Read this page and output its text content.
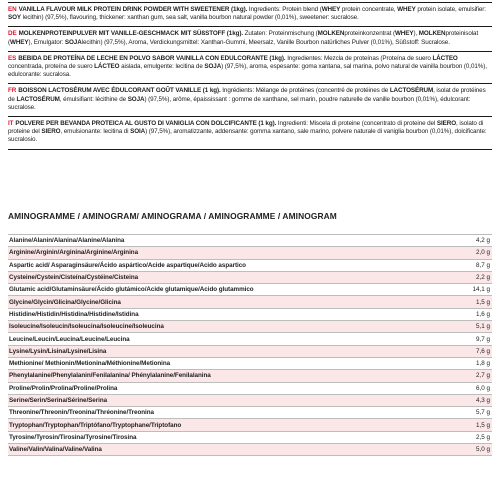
EN VANILLA FLAVOUR MILK PROTEIN DRINK POWDER WITH SWEETENER (1kg). Ingredients: Protein blend (WHEY protein concentrate, WHEY protein isolate, emulsifier: SOY lecithin) (97,5%), flavouring, thickener: xanthan gum, sea salt, vanilla bourbon natural powder (0,01%), sweetener: sucralose.

DE MOLKENPROTEINPULVER MIT VANILLE-GESCHMACK MIT SÜßSTOFF (1kg). Zutaten: Proteinmischung (MOLKENproteinkonzentrat (WHEY), MOLKENproteinisolat (WHEY), Emulgator: SOJAlecithin) (97,5%), Aroma, Verdickungsmittel: Xanthan-Gummi, Meersalz, Vanille Bourbon natürliches Pulver (0,01%), Süßstoff: Sucralose.

ES BEBIDA DE PROTEÍNA DE LECHE EN POLVO SABOR VAINILLA CON EDULCORANTE (1kg). Ingredientes: Mezcla de proteínas (Proteína de suero LÁCTEO concentrada, proteína de suero LÁCTEO aislada, emulgente: lecitina de SOJA) (97,5%), aroma, espesante: goma xantana, sal marina, polvo natural de vainilla bourbon (0,01%), edulcorante: sucralosa.

FR BOISSON LACTOSÉRUM AVEC ÉDULCORANT GOÛT VANILLE (1 kg). Ingrédients: Mélange de protéines (concentré de protéines de LACTOSÉRUM, isolat de protéines de LACTOSÉRUM, émulsifiant: lécithine de SOJA) (97,5%), arôme, épaississant : gomme de xanthane, sel marin, poudre naturelle de vanille bourbon (0,01%), édulcorant: sucralose.

IT POLVERE PER BEVANDA PROTEICA AL GUSTO DI VANIGLIA CON DOLCIFICANTE (1 kg). Ingredienti: Miscela di proteine (concentrato di proteine del SIERO, isolato di proteine del SIERO, emulsionante: lecitina di SOIA) (97,5%), aromatizzante, addensante: gomma xantano, sale marino, polvere naturale di vaniglia bourbon (0,01%), dolcificante: sucralosio.

AMINOGRAMME / AMINOGRAM/ AMINOGRAMA / AMINOGRAMME / AMINOGRAM
Alanine/Alanin/Alanina/Alanine/Alanina	4,2 g
Arginine/Arginin/Arginina/Arginine/Arginina	2,0 g
Aspartic acid/ Asparaginsäure/Ácido aspártico/Acide aspartique/Acido aspartico	8,7 g
Cysteine/Cystein/Cisteína/Cystéine/Cisteina	2,2 g
Glutamic acid/Glutaminsäure/Ácido glutámico/Acide glutamique/Acido glutammico	14,1 g
Glycine/Glycin/Glicina/Glycine/Glicina	1,5 g
Histidine/Histidin/Histidina/Histidine/Istidina	1,6 g
Isoleucine/Isoleucin/Isoleucina/Isoleucine/Isoleucina	5,1 g
Leucine/Leucin/Leucina/Leucine/Leucina	9,7 g
Lysine/Lysin/Lisina/Lysine/Lisina	7,6 g
Methionine/ Methionin/Metionina/Méthionine/Metionina	1,8 g
Phenylalanine/Phenylalanin/Fenilalanina/ Phénylalanine/Fenilalanina	2,7 g
Proline/Prolin/Prolina/Proline/Prolina	6,0 g
Serine/Serin/Serina/Sérine/Serina	4,3 g
Threonine/Threonin/Treonina/Thréonine/Treonina	5,7 g
Tryptophan/Tryptophan/Triptófano/Tryptophane/Triptofano	1,5 g
Tyrosine/Tyrosin/Tirosina/Tyrosine/Tirosina	2,5 g
Valine/Valin/Valina/Valine/Valina	5,0 g
